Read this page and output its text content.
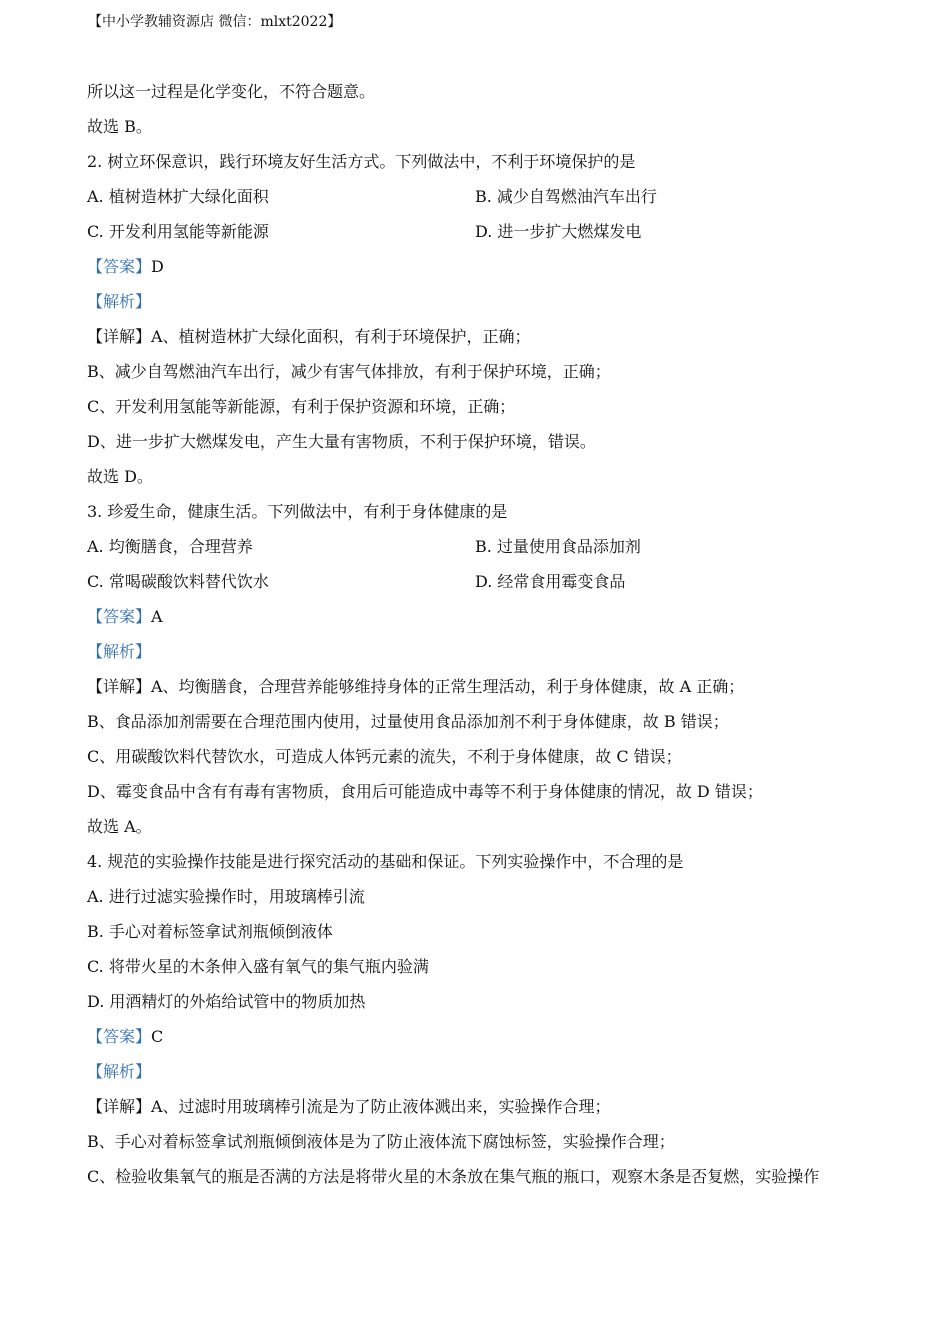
【中小学教辅资源店 微信：mlxt2022】
所以这一过程是化学变化，不符合题意。
故选 B。
2. 树立环保意识，践行环境友好生活方式。下列做法中，不利于环境保护的是
A. 植树造林扩大绿化面积	B. 减少自驾燃油汽车出行
C. 开发利用氢能等新能源	D. 进一步扩大燃煤发电
【答案】D
【解析】
【详解】A、植树造林扩大绿化面积，有利于环境保护，正确；
B、减少自驾燃油汽车出行，减少有害气体排放，有利于保护环境，正确；
C、开发利用氢能等新能源，有利于保护资源和环境，正确；
D、进一步扩大燃煤发电，产生大量有害物质，不利于保护环境，错误。
故选 D。
3. 珍爱生命，健康生活。下列做法中，有利于身体健康的是
A. 均衡膳食，合理营养	B. 过量使用食品添加剂
C. 常喝碳酸饮料替代饮水	D. 经常食用霉变食品
【答案】A
【解析】
【详解】A、均衡膳食，合理营养能够维持身体的正常生理活动，利于身体健康，故 A 正确；
B、食品添加剂需要在合理范围内使用，过量使用食品添加剂不利于身体健康，故 B 错误；
C、用碳酸饮料代替饮水，可造成人体钙元素的流失，不利于身体健康，故 C 错误；
D、霉变食品中含有有毒有害物质，食用后可能造成中毒等不利于身体健康的情况，故 D 错误；
故选 A。
4. 规范的实验操作技能是进行探究活动的基础和保证。下列实验操作中，不合理的是
A. 进行过滤实验操作时，用玻璃棒引流
B. 手心对着标签拿试剂瓶倾倒液体
C. 将带火星的木条伸入盛有氧气的集气瓶内验满
D. 用酒精灯的外焰给试管中的物质加热
【答案】C
【解析】
【详解】A、过滤时用玻璃棒引流是为了防止液体溅出来，实验操作合理；
B、手心对着标签拿试剂瓶倾倒液体是为了防止液体流下腐蚀标签，实验操作合理；
C、检验收集氧气的瓶是否满的方法是将带火星的木条放在集气瓶的瓶口，观察木条是否复燃，实验操作
